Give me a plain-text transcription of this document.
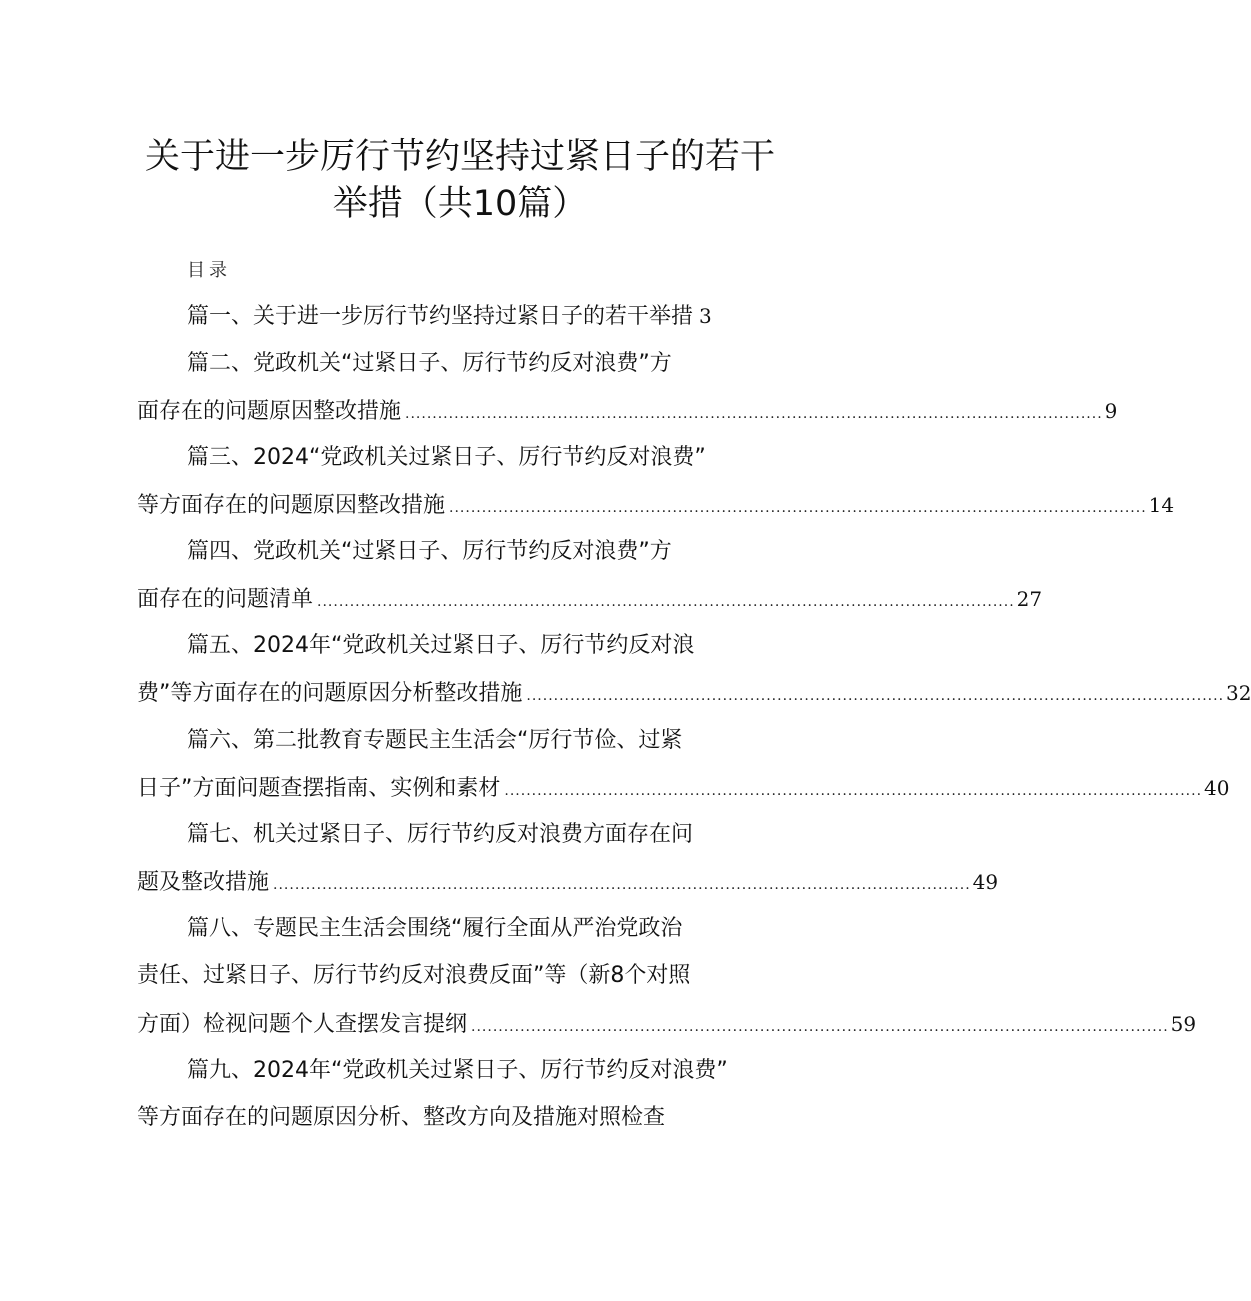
关于进一步厉行节约坚持过紧日子的若干
举措（共10篇）
目录
篇一、关于进一步厉行节约坚持过紧日子的若干举措 3
篇二、党政机关“过紧日子、厉行节约反对浪费”方
面存在的问题原因整改措施 ................................................................................................................................ 9
篇三、2024“党政机关过紧日子、厉行节约反对浪费”
等方面存在的问题原因整改措施 ................................................................................................................................ 14
篇四、党政机关“过紧日子、厉行节约反对浪费”方
面存在的问题清单 ................................................................................................................................ 27
篇五、2024年“党政机关过紧日子、厉行节约反对浪
费”等方面存在的问题原因分析整改措施 ................................................................................................................................ 32
篇六、第二批教育专题民主生活会“厉行节俭、过紧
日子”方面问题查摆指南、实例和素材 ................................................................................................................................ 40
篇七、机关过紧日子、厉行节约反对浪费方面存在问
题及整改措施 ................................................................................................................................ 49
篇八、专题民主生活会围绕“履行全面从严治党政治
责任、过紧日子、厉行节约反对浪费反面”等（新8个对照
方面）检视问题个人查摆发言提纲 ................................................................................................................................ 59
篇九、2024年“党政机关过紧日子、厉行节约反对浪费”
等方面存在的问题原因分析、整改方向及措施对照检查
